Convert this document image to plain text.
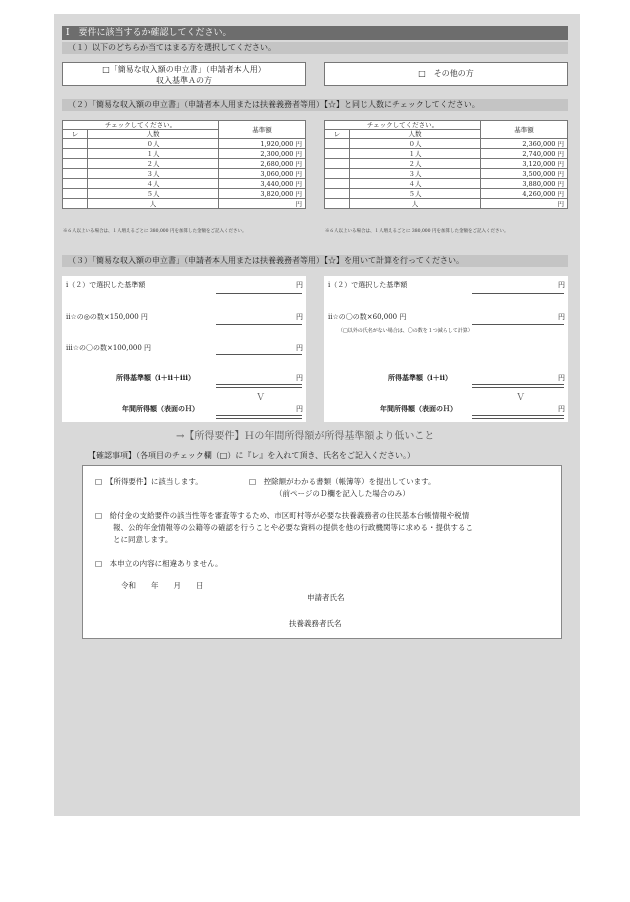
Ⅰ　要件に該当するか確認してください。
（１）以下のどちらか当てはまる方を選択してください。
□「簡易な収入額の申立書」（申請者本人用）
収入基準Ａの方
□　その他の方
（２）「簡易な収入額の申立書」（申請者本人用または扶養義務者等用）【☆】と同じ人数にチェックしてください。
チェックしてください。		基準額
レ	人数	
	０人	1,920,000 円
	１人	2,300,000 円
	２人	2,680,000 円
	３人	3,060,000 円
	４人	3,440,000 円
	５人	3,820,000 円
	人	円
チェックしてください。		基準額
レ	人数	
	０人	2,360,000 円
	１人	2,740,000 円
	２人	3,120,000 円
	３人	3,500,000 円
	４人	3,880,000 円
	５人	4,260,000 円
	人	円
※６人以上いる場合は、１人増えるごとに 380,000 円を加算した金額をご記入ください。	※６人以上いる場合は、１人増えるごとに 380,000 円を加算した金額をご記入ください。
（３）「簡易な収入額の申立書」（申請者本人用または扶養義務者等用）【☆】を用いて計算を行ってください。
ⅰ（２）で選択した基準額	円
ⅱ☆の◎の数×150,000 円	円
ⅲ☆の〇の数×100,000 円	円
所得基準額（ⅰ＋ⅱ＋ⅲ）	円
Ｖ
年間所得額（表面のＨ）	円
ⅰ（２）で選択した基準額	円
ⅱ☆の〇の数×60,000 円	円
（□以外の氏名がない場合は、〇の数を１つ減らして計算）
所得基準額（ⅰ＋ⅱ）	円
Ｖ
年間所得額（表面のＨ）	円
→【所得要件】Ｈの年間所得額が所得基準額より低いこと
【確認事項】（各項目のチェック欄（□）に『レ』を入れて頂き、氏名をご記入ください。）
□　【所得要件】に該当します。	□　控除額がわかる書類（帳簿等）を提出しています。
（前ページのＤ欄を記入した場合のみ）
□　給付金の支給要件の該当性等を審査等するため、市区町村等が必要な扶養義務者の住民基本台帳情報や税情
報、公的年金情報等の公籍等の確認を行うことや必要な資料の提供を他の行政機関等に求める・提供するこ
とに同意します。
□　本申立の内容に相違ありません。
令和　　年　　月　　日
申請者氏名
扶養義務者氏名
